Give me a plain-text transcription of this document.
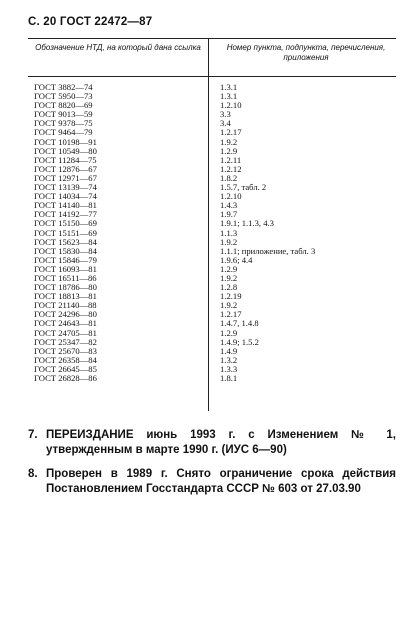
С. 20 ГОСТ 22472—87
Обозначение НТД, на который дана ссылка	Номер пункта, подпункта, перечисления, приложения
ГОСТ 3882—74
ГОСТ 5950—73
ГОСТ 8820—69
ГОСТ 9013—59
ГОСТ 9378—75
ГОСТ 9464—79
ГОСТ 10198—91
ГОСТ 10549—80
ГОСТ 11284—75
ГОСТ 12876—67
ГОСТ 12971—67
ГОСТ 13139—74
ГОСТ 14034—74
ГОСТ 14140—81
ГОСТ 14192—77
ГОСТ 15150—69
ГОСТ 15151—69
ГОСТ 15623—84
ГОСТ 15830—84
ГОСТ 15846—79
ГОСТ 16093—81
ГОСТ 16511—86
ГОСТ 18786—80
ГОСТ 18813—81
ГОСТ 21140—88
ГОСТ 24296—80
ГОСТ 24643—81
ГОСТ 24705—81
ГОСТ 25347—82
ГОСТ 25670—83
ГОСТ 26358—84
ГОСТ 26645—85
ГОСТ 26828—86
1.3.1
1.3.1
1.2.10
3.3
3.4
1.2.17
1.9.2
1.2.9
1.2.11
1.2.12
1.8.2
1.5.7, табл. 2
1.2.10
1.4.3
1.9.7
1.9.1; 1.1.3, 4.3
1.1.3
1.9.2
1.1.1; приложение, табл. 3
1.9.6; 4.4
1.2.9
1.9.2
1.2.8
1.2.19
1.9.2
1.2.17
1.4.7, 1.4.8
1.2.9
1.4.9; 1.5.2
1.4.9
1.3.2
1.3.3
1.8.1
7. ПЕРЕИЗДАНИЕ июнь 1993 г. с Изменением № 1, утвержденным в марте 1990 г. (ИУС 6—90)
8. Проверен в 1989 г. Снято ограничение срока действия Постановлением Госстандарта СССР № 603 от 27.03.90
